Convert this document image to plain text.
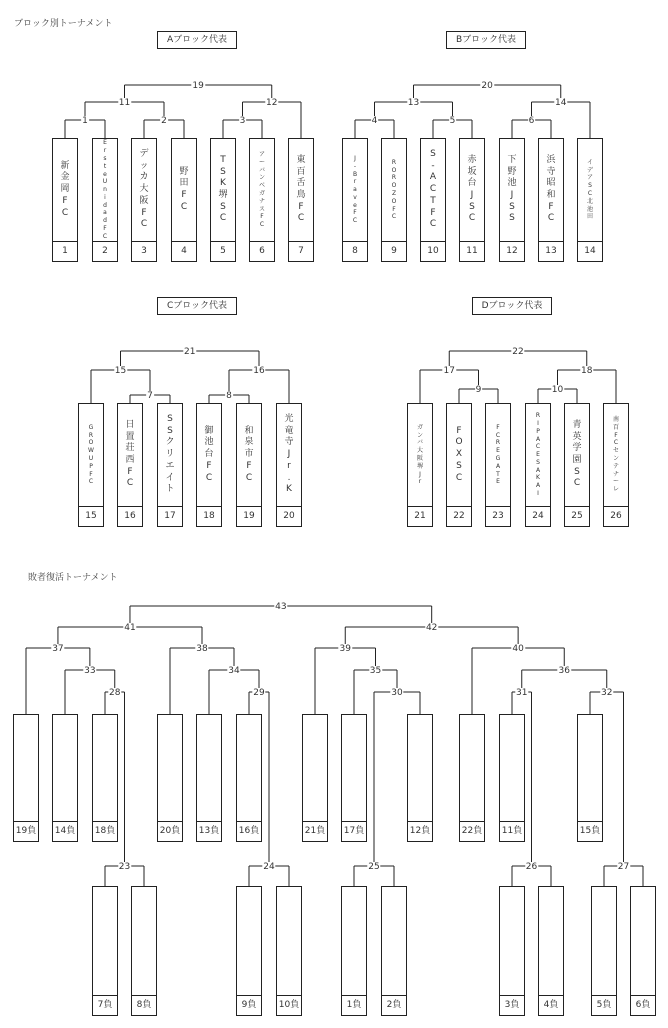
ブロック別トーナメント
敗者復活トーナメント
Aブロック代表	Bブロック代表
Cブロック代表	Dブロック代表
新
金
岡
F
C
1
E
r
s
t
e
U
n
i
d
a
d
F
C
2
デ
ッ
カ
大
阪
F
C
3
野
田
F
C
4
T
S
K
堺
S
C
5
ア
ー
バ
ン
ベ
ガ
ナ
ス
F
C
6
東
百
舌
鳥
F
C
7
1	2	3
11	12
19
J
-
B
r
a
v
e
F
C
8
R
O
R
O
Z
O
F
C
9
S
-
A
C
T
F
C
10
赤
坂
台
J
S
C
11
下
野
池
J
S
S
12
浜
寺
昭
和
F
C
13
イ
デ
ア
S
C
北
池
田
14
4	5	6
13	14
20
G
R
O
W
U
P
F
C
15
日
置
荘
西
F
C
16
S
S
ク
リ
エ
イ
ト
17
御
池
台
F
C
18
和
泉
市
F
C
19
光
竜
寺
J
r
.
K
20
7	8
15	16
21
ガ
ン
バ
大
阪
堺
J
r
21
F
O
X
S
C
22
F
C
R
E
G
A
T
E
23
R
I
P
A
C
E
S
A
K
A
I
24
青
英
学
園
S
C
25
南
百
F
C
セ
ン
テ
ナ
ー
レ
26
9	10
17	18
22
19負 14負 18負	20負 13負 16負	21負 17負	12負	22負 11負	15負
7負	8負	9負	10負	1負	2負	3負	4負	5負	6負
23	24	25	26	27
28	29	30	31	32
33	34	35	36
37	38	39	40
41	42
43
